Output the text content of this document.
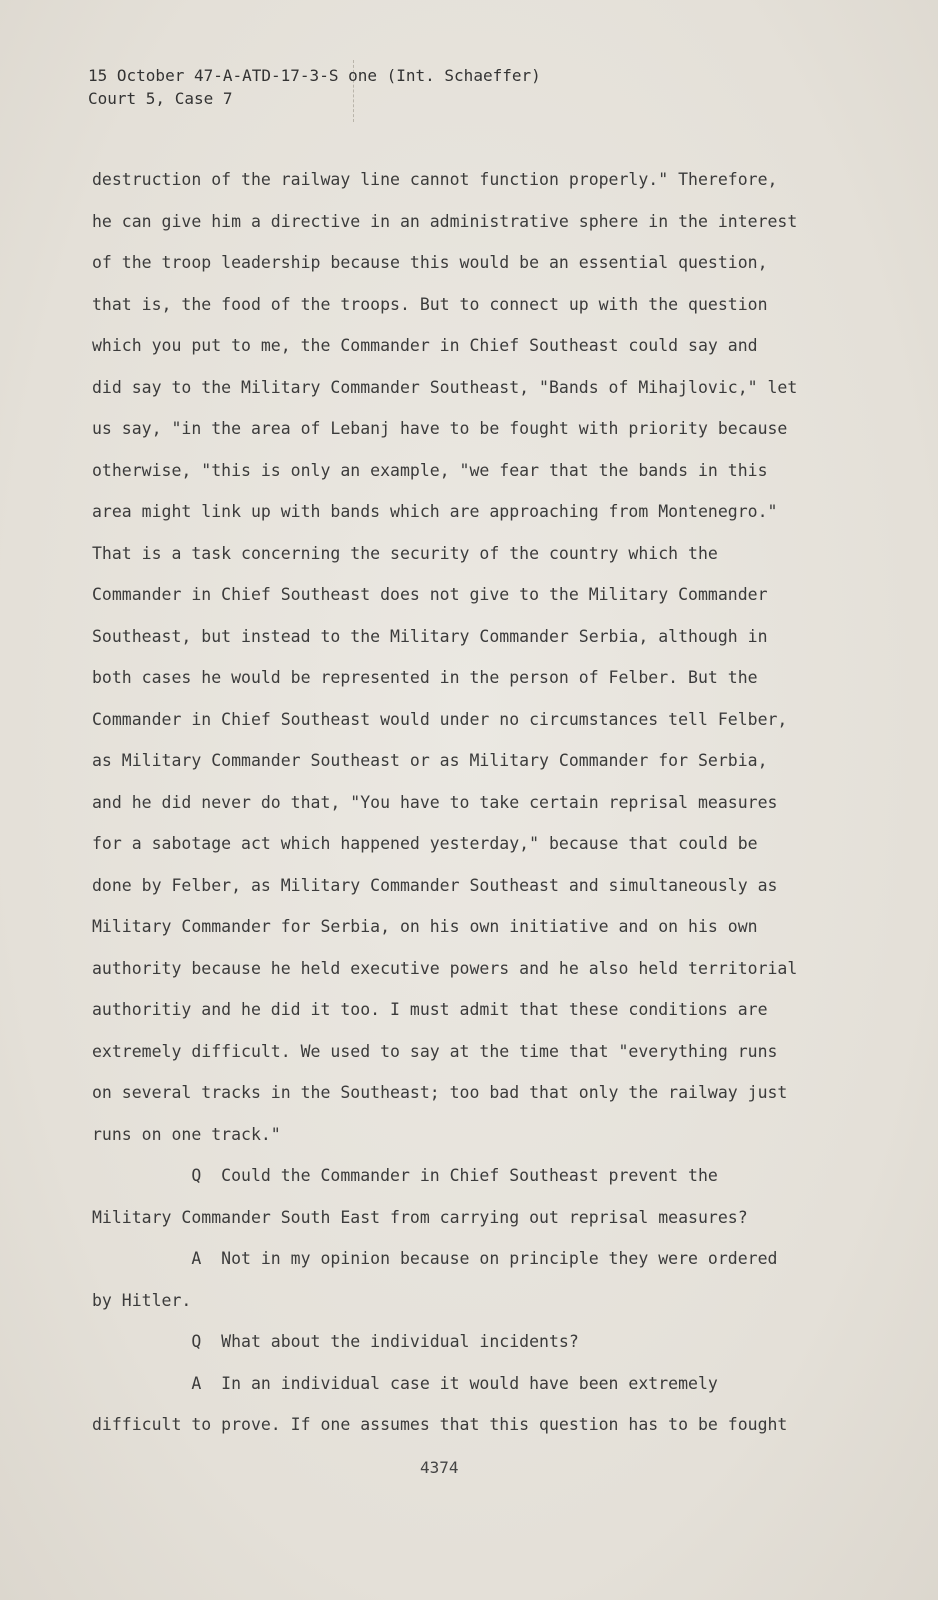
15 October 47-A-ATD-17-3-S one (Int. Schaeffer)
Court 5, Case 7
destruction of the railway line cannot function properly." Therefore,
he can give him a directive in an administrative sphere in the interest
of the troop leadership because this would be an essential question,
that is, the food of the troops. But to connect up with the question
which you put to me, the Commander in Chief Southeast could say and
did say to the Military Commander Southeast, "Bands of Mihajlovic," let
us say, "in the area of Lebanj have to be fought with priority because
otherwise, "this is only an example, "we fear that the bands in this
area might link up with bands which are approaching from Montenegro."
That is a task concerning the security of the country which the
Commander in Chief Southeast does not give to the Military Commander
Southeast, but instead to the Military Commander Serbia, although in
both cases he would be represented in the person of Felber. But the
Commander in Chief Southeast would under no circumstances tell Felber,
as Military Commander Southeast or as Military Commander for Serbia,
and he did never do that, "You have to take certain reprisal measures
for a sabotage act which happened yesterday," because that could be
done by Felber, as Military Commander Southeast and simultaneously as
Military Commander for Serbia, on his own initiative and on his own
authority because he held executive powers and he also held territorial
authoritiy and he did it too. I must admit that these conditions are
extremely difficult. We used to say at the time that "everything runs
on several tracks in the Southeast; too bad that only the railway just
runs on one track."
Q  Could the Commander in Chief Southeast prevent the
Military Commander South East from carrying out reprisal measures?
A  Not in my opinion because on principle they were ordered
by Hitler.
Q  What about the individual incidents?
A  In an individual case it would have been extremely
difficult to prove. If one assumes that this question has to be fought
4374
